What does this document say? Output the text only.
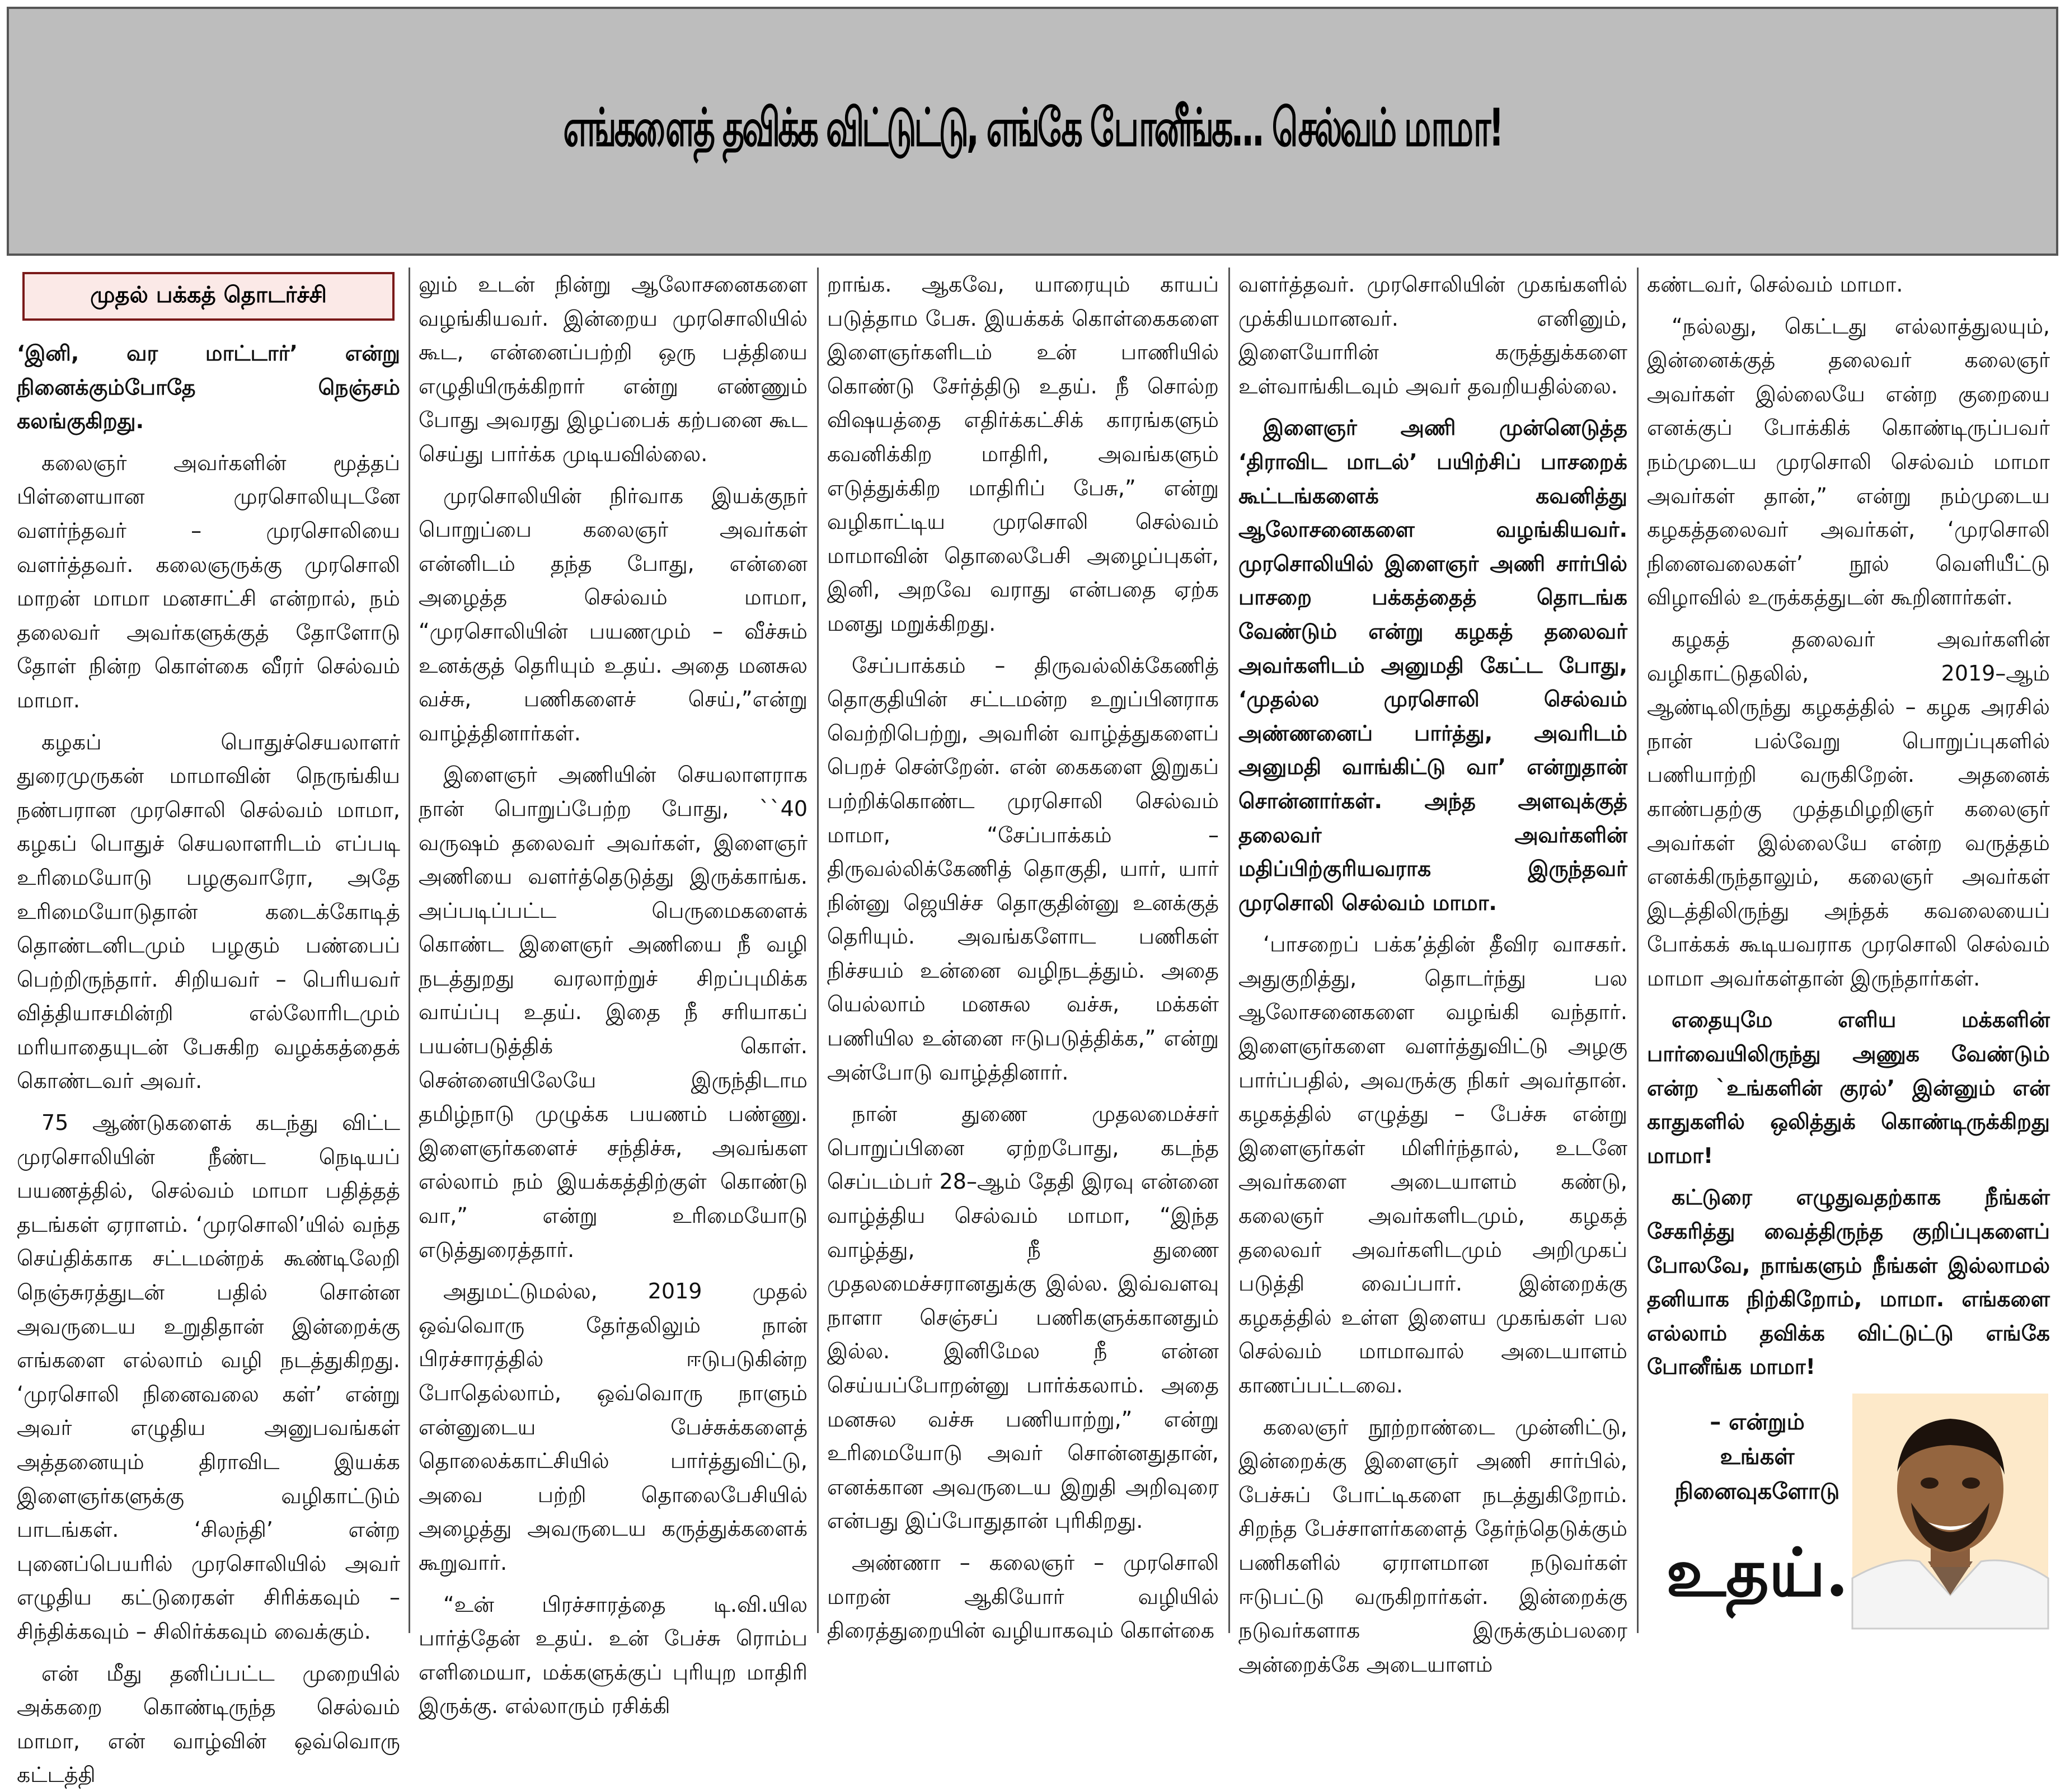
எங்களைத் தவிக்க விட்டுட்டு, எங்கே போனீங்க... செல்வம் மாமா!
முதல் பக்கத் தொடர்ச்சி

‘இனி, வர மாட்டார்’ என்று நினைக்கும்போதே நெஞ்சம் கலங்குகிறது.

கலைஞர் அவர்களின் மூத்தப் பிள்ளையான முரசொலியுடனே வளர்ந்தவர் – முரசொலியை வளர்த்தவர். கலைஞருக்கு முரசொலி மாறன் மாமா மனசாட்சி என்றால், நம் தலைவர் அவர்களுக்குத் தோளோடு தோள் நின்ற கொள்கை வீரர் செல்வம் மாமா.

கழகப் பொதுச்செயலாளர் துரைமுருகன் மாமாவின் நெருங்கிய நண்பரான முரசொலி செல்வம் மாமா, கழகப் பொதுச் செயலாளரிடம் எப்படி உரிமையோடு பழகுவாரோ, அதே உரிமையோடுதான் கடைக்கோடித் தொண்டனிடமும் பழகும் பண்பைப் பெற்றிருந்தார். சிறியவர் – பெரியவர் வித்தியாசமின்றி எல்லோரிடமும் மரியாதையுடன் பேசுகிற வழக்கத்தைக் கொண்டவர் அவர்.

75 ஆண்டுகளைக் கடந்து விட்ட முரசொலியின் நீண்ட நெடியப் பயணத்தில், செல்வம் மாமா பதித்தத் தடங்கள் ஏராளம். ‘முரசொலி’யில் வந்த செய்திக்காக சட்டமன்றக் கூண்டிலேறி நெஞ்சுரத்துடன் பதில் சொன்ன அவருடைய உறுதிதான் இன்றைக்கு எங்களை எல்லாம் வழி நடத்துகிறது. ‘முரசொலி நினைவலை கள்’ என்று அவர் எழுதிய அனுபவங்கள் அத்தனையும் திராவிட இயக்க இளைஞர்களுக்கு வழிகாட்டும் பாடங்கள். ‘சிலந்தி’ என்ற புனைப்பெயரில் முரசொலியில் அவர் எழுதிய கட்டுரைகள் சிரிக்கவும் – சிந்திக்கவும் – சிலிர்க்கவும் வைக்கும்.

என் மீது தனிப்பட்ட முறையில் அக்கறை கொண்டிருந்த செல்வம் மாமா, என் வாழ்வின் ஒவ்வொரு கட்டத்தி

லும் உடன் நின்று ஆலோசனைகளை வழங்கியவர். இன்றைய முரசொலியில் கூட, என்னைப்பற்றி ஒரு பத்தியை எழுதியிருக்கிறார் என்று எண்ணும் போது அவரது இழப்பைக் கற்பனை கூட செய்து பார்க்க முடியவில்லை.

முரசொலியின் நிர்வாக இயக்குநர் பொறுப்பை கலைஞர் அவர்கள் என்னிடம் தந்த போது, என்னை அழைத்த செல்வம் மாமா, “முரசொலியின் பயணமும் – வீச்சும் உனக்குத் தெரியும் உதய். அதை மனசுல வச்சு, பணிகளைச் செய்,”என்று வாழ்த்தினார்கள்.

இளைஞர் அணியின் செயலாளராக நான் பொறுப்பேற்ற போது, ``40 வருஷம் தலைவர் அவர்கள், இளைஞர் அணியை வளர்த்தெடுத்து இருக்காங்க. அப்படிப்பட்ட பெருமைகளைக் கொண்ட இளைஞர் அணியை நீ வழி நடத்துறது வரலாற்றுச் சிறப்புமிக்க வாய்ப்பு உதய். இதை நீ சரியாகப் பயன்படுத்திக் கொள். சென்னையிலேயே இருந்திடாம தமிழ்நாடு முழுக்க பயணம் பண்ணு. இளைஞர்களைச் சந்திச்சு, அவங்கள எல்லாம் நம் இயக்கத்திற்குள் கொண்டு வா,” என்று உரிமையோடு எடுத்துரைத்தார்.

அதுமட்டுமல்ல, 2019 முதல் ஒவ்வொரு தேர்தலிலும் நான் பிரச்சாரத்தில் ஈடுபடுகின்ற போதெல்லாம், ஒவ்வொரு நாளும் என்னுடைய பேச்சுக்களைத் தொலைக்காட்சியில் பார்த்துவிட்டு, அவை பற்றி தொலைபேசியில் அழைத்து அவருடைய கருத்துக்களைக் கூறுவார்.

“உன் பிரச்சாரத்தை டி.வி.யில பார்த்தேன் உதய். உன் பேச்சு ரொம்ப எளிமையா, மக்களுக்குப் புரியுற மாதிரி இருக்கு. எல்லாரும் ரசிக்கி

றாங்க. ஆகவே, யாரையும் காயப் படுத்தாம பேசு. இயக்கக் கொள்கைகளை இளைஞர்களிடம் உன் பாணியில் கொண்டு சேர்த்திடு உதய். நீ சொல்ற விஷயத்தை எதிர்க்கட்சிக் காரங்களும் கவனிக்கிற மாதிரி, அவங்களும் எடுத்துக்கிற மாதிரிப் பேசு,” என்று வழிகாட்டிய முரசொலி செல்வம் மாமாவின் தொலைபேசி அழைப்புகள், இனி, அறவே வராது என்பதை ஏற்க மனது மறுக்கிறது.

சேப்பாக்கம் – திருவல்லிக்கேணித் தொகுதியின் சட்டமன்ற உறுப்பினராக வெற்றிபெற்று, அவரின் வாழ்த்துகளைப் பெறச் சென்றேன். என் கைகளை இறுகப் பற்றிக்கொண்ட முரசொலி செல்வம் மாமா, “சேப்பாக்கம் – திருவல்லிக்கேணித் தொகுதி, யார், யார் நின்னு ஜெயிச்ச தொகுதின்னு உனக்குத் தெரியும். அவங்களோட பணிகள் நிச்சயம் உன்னை வழிநடத்தும். அதை யெல்லாம் மனசுல வச்சு, மக்கள் பணியில உன்னை ஈடுபடுத்திக்க,” என்று அன்போடு வாழ்த்தினார்.

நான் துணை முதலமைச்சர் பொறுப்பினை ஏற்றபோது, கடந்த செப்டம்பர் 28–ஆம் தேதி இரவு என்னை வாழ்த்திய செல்வம் மாமா, “இந்த வாழ்த்து, நீ துணை முதலமைச்சரானதுக்கு இல்ல. இவ்வளவு நாளா செஞ்சப் பணிகளுக்கானதும் இல்ல. இனிமேல நீ என்ன செய்யப்போறன்னு பார்க்கலாம். அதை மனசுல வச்சு பணியாற்று,” என்று உரிமையோடு அவர் சொன்னதுதான், எனக்கான அவருடைய இறுதி அறிவுரை என்பது இப்போதுதான் புரிகிறது.

அண்ணா – கலைஞர் – முரசொலி மாறன் ஆகியோர் வழியில் திரைத்துறையின் வழியாகவும் கொள்கை

வளர்த்தவர். முரசொலியின் முகங்களில் முக்கியமானவர். எனினும், இளையோரின் கருத்துக்களை உள்வாங்கிடவும் அவர் தவறியதில்லை.

இளைஞர் அணி முன்னெடுத்த ‘திராவிட மாடல்’ பயிற்சிப் பாசறைக் கூட்டங்களைக் கவனித்து ஆலோசனைகளை வழங்கியவர். முரசொலியில் இளைஞர் அணி சார்பில் பாசறை பக்கத்தைத் தொடங்க வேண்டும் என்று கழகத் தலைவர் அவர்களிடம் அனுமதி கேட்ட போது, ‘முதல்ல முரசொலி செல்வம் அண்ணனைப் பார்த்து, அவரிடம் அனுமதி வாங்கிட்டு வா’ என்றுதான் சொன்னார்கள். அந்த அளவுக்குத் தலைவர் அவர்களின் மதிப்பிற்குரியவராக இருந்தவர் முரசொலி செல்வம் மாமா.

‘பாசறைப் பக்க’த்தின் தீவிர வாசகர். அதுகுறித்து, தொடர்ந்து பல ஆலோசனைகளை வழங்கி வந்தார். இளைஞர்களை வளர்த்துவிட்டு அழகு பார்ப்பதில், அவருக்கு நிகர் அவர்தான். கழகத்தில் எழுத்து – பேச்சு என்று இளைஞர்கள் மிளிர்ந்தால், உடனே அவர்களை அடையாளம் கண்டு, கலைஞர் அவர்களிடமும், கழகத் தலைவர் அவர்களிடமும் அறிமுகப் படுத்தி வைப்பார். இன்றைக்கு கழகத்தில் உள்ள இளைய முகங்கள் பல செல்வம் மாமாவால் அடையாளம் காணப்பட்டவை.

கலைஞர் நூற்றாண்டை முன்னிட்டு, இன்றைக்கு இளைஞர் அணி சார்பில், பேச்சுப் போட்டிகளை நடத்துகிறோம். சிறந்த பேச்சாளர்களைத் தேர்ந்தெடுக்கும் பணிகளில் ஏராளமான நடுவர்கள் ஈடுபட்டு வருகிறார்கள். இன்றைக்கு நடுவர்களாக இருக்கும்பலரை அன்றைக்கே அடையாளம்

கண்டவர், செல்வம் மாமா.

“நல்லது, கெட்டது எல்லாத்துலயும், இன்னைக்குத் தலைவர் கலைஞர் அவர்கள் இல்லையே என்ற குறையை எனக்குப் போக்கிக் கொண்டிருப்பவர் நம்முடைய முரசொலி செல்வம் மாமா அவர்கள் தான்,” என்று நம்முடைய கழகத்தலைவர் அவர்கள், ‘முரசொலி நினைவலைகள்’ நூல் வெளியீட்டு விழாவில் உருக்கத்துடன் கூறினார்கள்.

கழகத் தலைவர் அவர்களின் வழிகாட்டுதலில், 2019–ஆம் ஆண்டிலிருந்து கழகத்தில் – கழக அரசில் நான் பல்வேறு பொறுப்புகளில் பணியாற்றி வருகிறேன். அதனைக் காண்பதற்கு முத்தமிழறிஞர் கலைஞர் அவர்கள் இல்லையே என்ற வருத்தம் எனக்கிருந்தாலும், கலைஞர் அவர்கள் இடத்திலிருந்து அந்தக் கவலையைப் போக்கக் கூடியவராக முரசொலி செல்வம் மாமா அவர்கள்தான் இருந்தார்கள்.

எதையுமே எளிய மக்களின் பார்வையிலிருந்து அணுக வேண்டும் என்ற `உங்களின் குரல்’ இன்னும் என் காதுகளில் ஒலித்துக் கொண்டிருக்கிறது மாமா!

கட்டுரை எழுதுவதற்காக நீங்கள் சேகரித்து வைத்திருந்த குறிப்புகளைப் போலவே, நாங்களும் நீங்கள் இல்லாமல் தனியாக நிற்கிறோம், மாமா. எங்களை எல்லாம் தவிக்க விட்டுட்டு எங்கே போனீங்க மாமா!

– என்றும்
உங்கள்
நினைவுகளோடு
உதய்.
